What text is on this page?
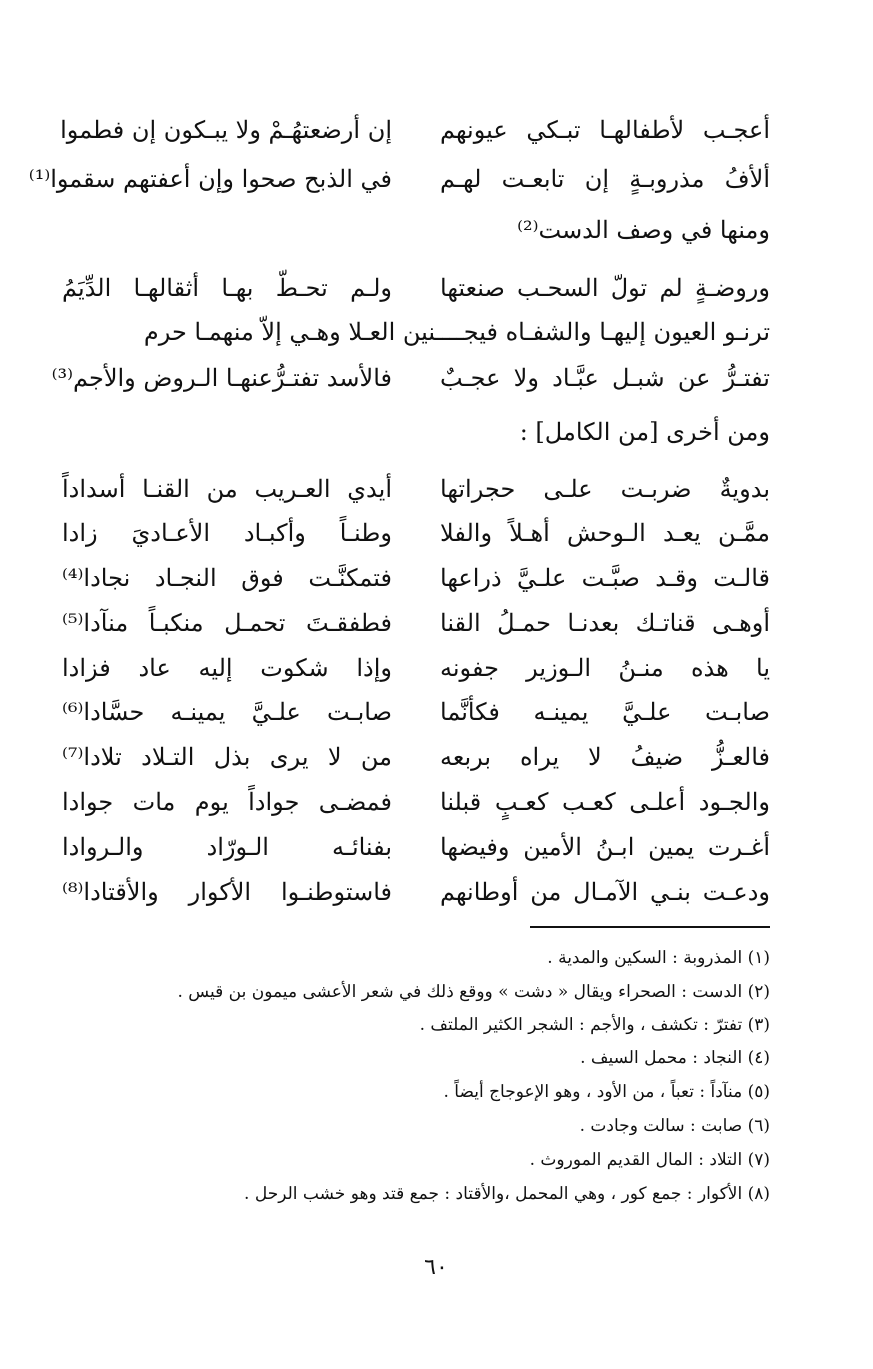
أعجـب لأطفالهـا تبـكي عيونهم
إن أرضعتهُـمْ ولا يبـكون إن فطموا
ألأفُ مذروبـةٍ إن تابعـت لهـم
في الذبح صحوا وإن أعفتهم سقموا⁽¹⁾
ومنها في وصف الدست⁽²⁾
وروضـةٍ لم تولّ السحـب صنعتها
ولـم تحـطّ بهـا أثقالهـا الدِّيَمُ
ترنـو العيون إليهـا والشفـاه فيجــــنين العـلا وهـي إلاّ منهمـا حرم
تفتـرُّ عن شبـل عبَّـاد ولا عجـبٌ
فالأسد تفتـرُّعنهـا الـروض والأجم⁽³⁾
ومن أخرى [من الكامل] :
بدويةٌ ضربـت علـى حجراتها
أيدي العـريب من القنـا أسداداً
ممَّـن يعـد الـوحش أهـلاً والفلا
وطنـاً وأكبـاد الأعـاديَ زادا
قالـت وقـد صبَّـت علـيَّ ذراعها
فتمكنَّـت فوق النجـاد نجادا⁽⁴⁾
أوهـى قناتـك بعدنـا حمـلُ القنا
فطفقـتَ تحمـل منكبـاً منآدا⁽⁵⁾
يا هذه منـنُ الـوزير جفونه
وإذا شكوت إليه عاد فزادا
صابـت علـيَّ يمينـه فكأنَّما
صابـت علـيَّ يمينـه حسَّادا⁽⁶⁾
فالعـزُّ ضيفُ لا يراه بربعه
من لا يرى بذل التـلاد تلادا⁽⁷⁾
والجـود أعلـى كعـب كعـبٍ قبلنا
فمضـى جواداً يوم مات جوادا
أغـرت يمين ابـنُ الأمين وفيضها
بفنائـه الـورّاد والـروادا
ودعـت بنـي الآمـال من أوطانهم
فاستوطنـوا الأكوار والأقتادا⁽⁸⁾
(١) المذروبة : السكين والمدية .
(٢) الدست : الصحراء ويقال « دشت » ووقع ذلك في شعر الأعشى ميمون بن قيس .
(٣) تفترّ : تكشف ، والأجم : الشجر الكثير الملتف .
(٤) النجاد : محمل السيف .
(٥) منآداً : تعباً ، من الأود ، وهو الإعوجاج أيضاً .
(٦) صابت : سالت وجادت .
(٧) التلاد : المال القديم الموروث .
(٨) الأكوار : جمع كور ، وهي المحمل ،والأقتاد : جمع قتد وهو خشب الرحل .
٦٠
